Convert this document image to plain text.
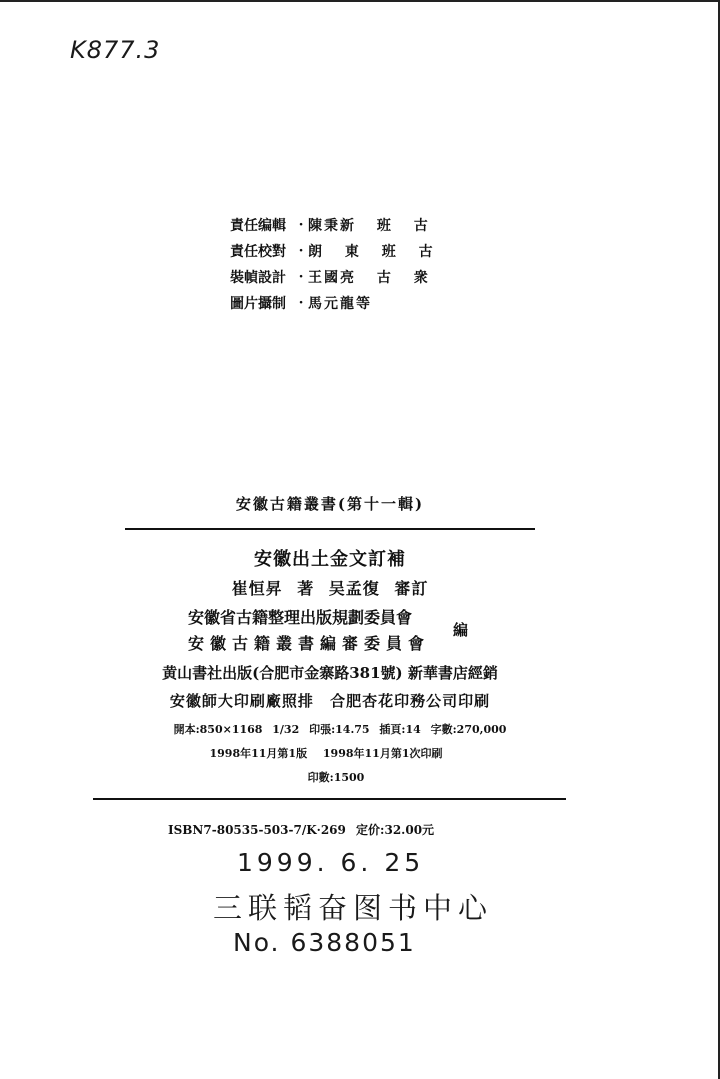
K877.3
責任编輯 · 陳秉新 班 古
責任校對 · 朗 東 班 古
裝幀設計 · 王國亮 古 衆
圖片攝制 · 馬元龍等
安徽古籍叢書(第十一輯)
安徽出土金文訂補
崔恒昇 著 吴孟復 審訂
安徽省古籍整理出版規劃委員會
安徽古籍叢書編審委員會
編
黄山書社出版(合肥市金寨路381號) 新華書店經銷
安徽師大印刷廠照排 合肥杏花印務公司印刷
開本:850×1168 1/32 印張:14.75 插頁:14 字數:270,000
1998年11月第1版 1998年11月第1次印刷
印數:1500
ISBN7-80535-503-7/K·269 定价:32.00元
1999. 6. 25
三联韬奋图书中心
No. 6388051
